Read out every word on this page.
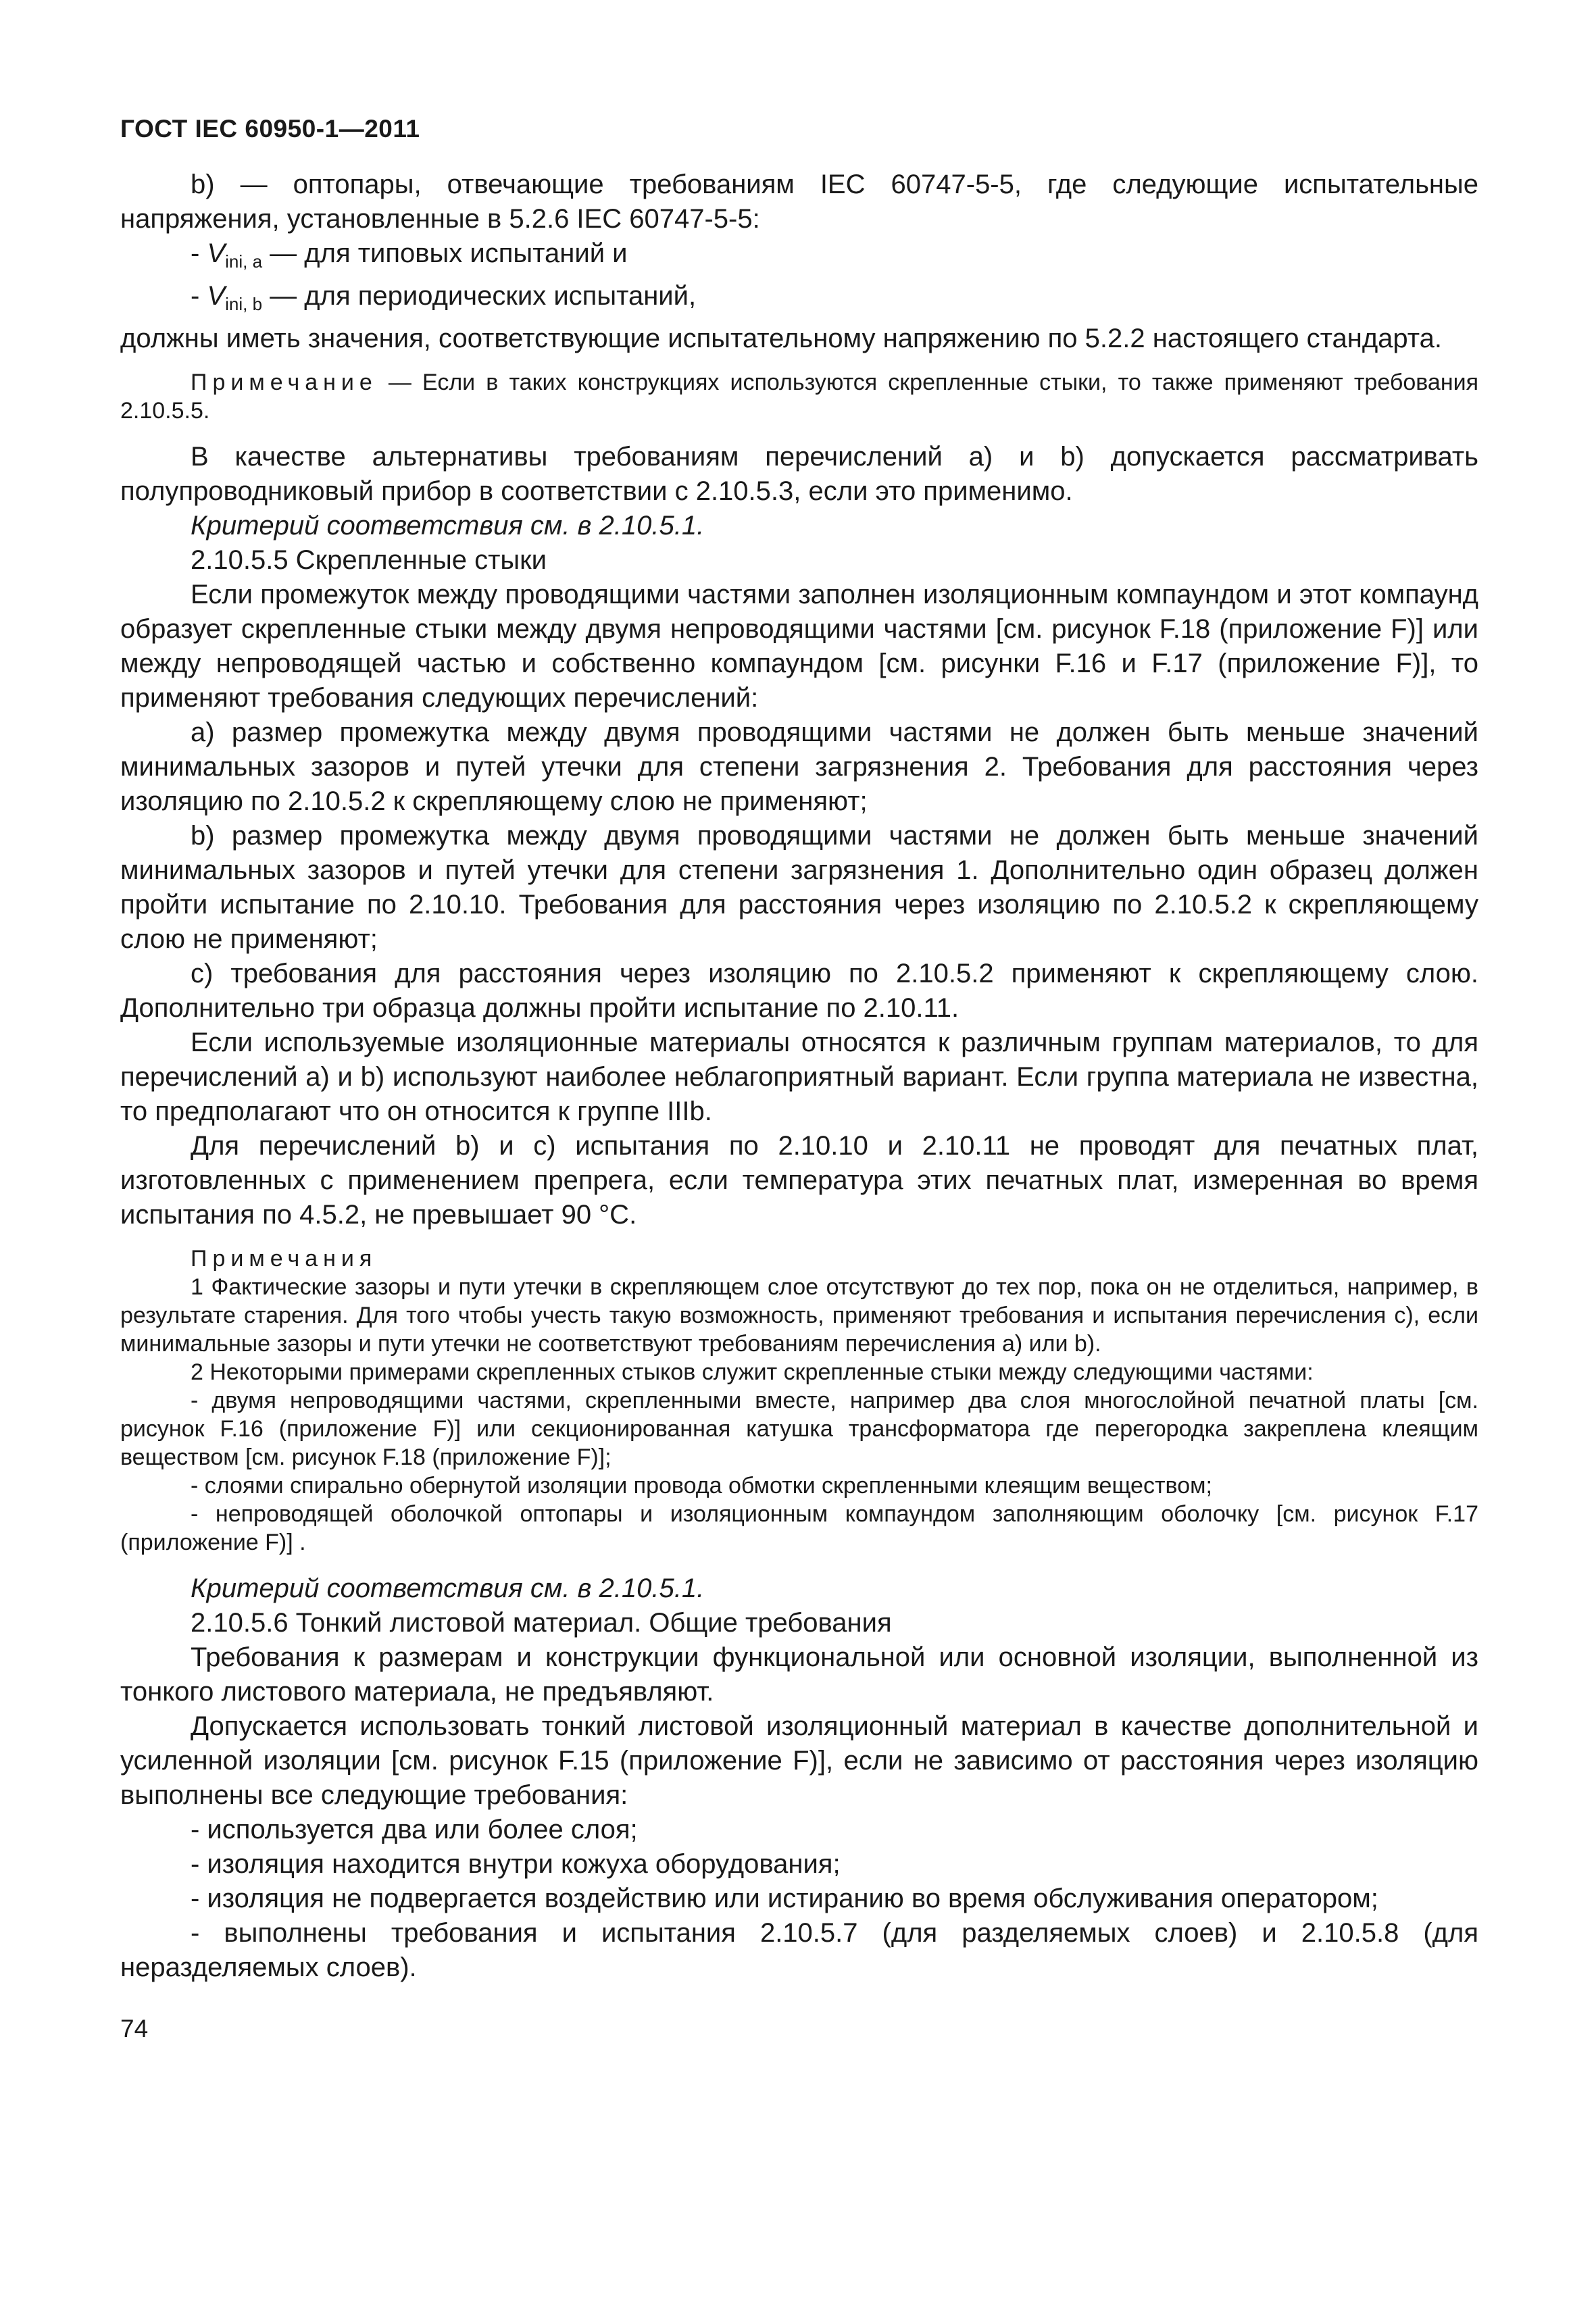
ГОСТ IEC 60950-1—2011

b) — оптопары, отвечающие требованиям IEC 60747-5-5, где следующие испытательные напряжения, установленные в 5.2.6 IEC 60747-5-5:

- $V_{ini, a}$ — для типовых испытаний и

- $V_{ini, b}$ — для периодических испытаний,

должны иметь значения, соответствующие испытательному напряжению по 5.2.2 настоящего стандарта.

Примечание — Если в таких конструкциях используются скрепленные стыки, то также применяют требования 2.10.5.5.

В качестве альтернативы требованиям перечислений а) и b) допускается рассматривать полупроводниковый прибор в соответствии с 2.10.5.3, если это применимо.

Критерий соответствия см. в 2.10.5.1.

2.10.5.5 Скрепленные стыки

Если промежуток между проводящими частями заполнен изоляционным компаундом и этот компаунд образует скрепленные стыки между двумя непроводящими частями [см. рисунок F.18 (приложение F)] или между непроводящей частью и собственно компаундом [см. рисунки F.16 и F.17 (приложение F)], то применяют требования следующих перечислений:

a) размер промежутка между двумя проводящими частями не должен быть меньше значений минимальных зазоров и путей утечки для степени загрязнения 2. Требования для расстояния через изоляцию по 2.10.5.2 к скрепляющему слою не применяют;

b) размер промежутка между двумя проводящими частями не должен быть меньше значений минимальных зазоров и путей утечки для степени загрязнения 1. Дополнительно один образец должен пройти испытание по 2.10.10. Требования для расстояния через изоляцию по 2.10.5.2 к скрепляющему слою не применяют;

c) требования для расстояния через изоляцию по 2.10.5.2 применяют к скрепляющему слою. Дополнительно три образца должны пройти испытание по 2.10.11.

Если используемые изоляционные материалы относятся к различным группам материалов, то для перечислений а) и b) используют наиболее неблагоприятный вариант. Если группа материала не известна, то предполагают что он относится к группе IIIb.

Для перечислений b) и с) испытания по 2.10.10 и 2.10.11 не проводят для печатных плат, изготовленных с применением препрега, если температура этих печатных плат, измеренная во время испытания по 4.5.2, не превышает 90 °С.

Примечания

1 Фактические зазоры и пути утечки в скрепляющем слое отсутствуют до тех пор, пока он не отделиться, например, в результате старения. Для того чтобы учесть такую возможность, применяют требования и испытания перечисления с), если минимальные зазоры и пути утечки не соответствуют требованиям перечисления а) или b).

2 Некоторыми примерами скрепленных стыков служит скрепленные стыки между следующими частями:

- двумя непроводящими частями, скрепленными вместе, например два слоя многослойной печатной платы [см. рисунок F.16 (приложение F)] или секционированная катушка трансформатора где перегородка закреплена клеящим веществом [см. рисунок F.18 (приложение F)];

- слоями спирально обернутой изоляции провода обмотки скрепленными клеящим веществом;

- непроводящей оболочкой оптопары и изоляционным компаундом заполняющим оболочку [см. рисунок F.17 (приложение F)] .

Критерий соответствия см. в 2.10.5.1.

2.10.5.6 Тонкий листовой материал. Общие требования

Требования к размерам и конструкции функциональной или основной изоляции, выполненной из тонкого листового материала, не предъявляют.

Допускается использовать тонкий листовой изоляционный материал в качестве дополнительной и усиленной изоляции [см. рисунок F.15 (приложение F)], если не зависимо от расстояния через изоляцию выполнены все следующие требования:

- используется два или более слоя;

- изоляция находится внутри кожуха оборудования;

- изоляция не подвергается воздействию или истиранию во время обслуживания оператором;

- выполнены требования и испытания 2.10.5.7 (для разделяемых слоев) и 2.10.5.8 (для неразделяемых слоев).

74
